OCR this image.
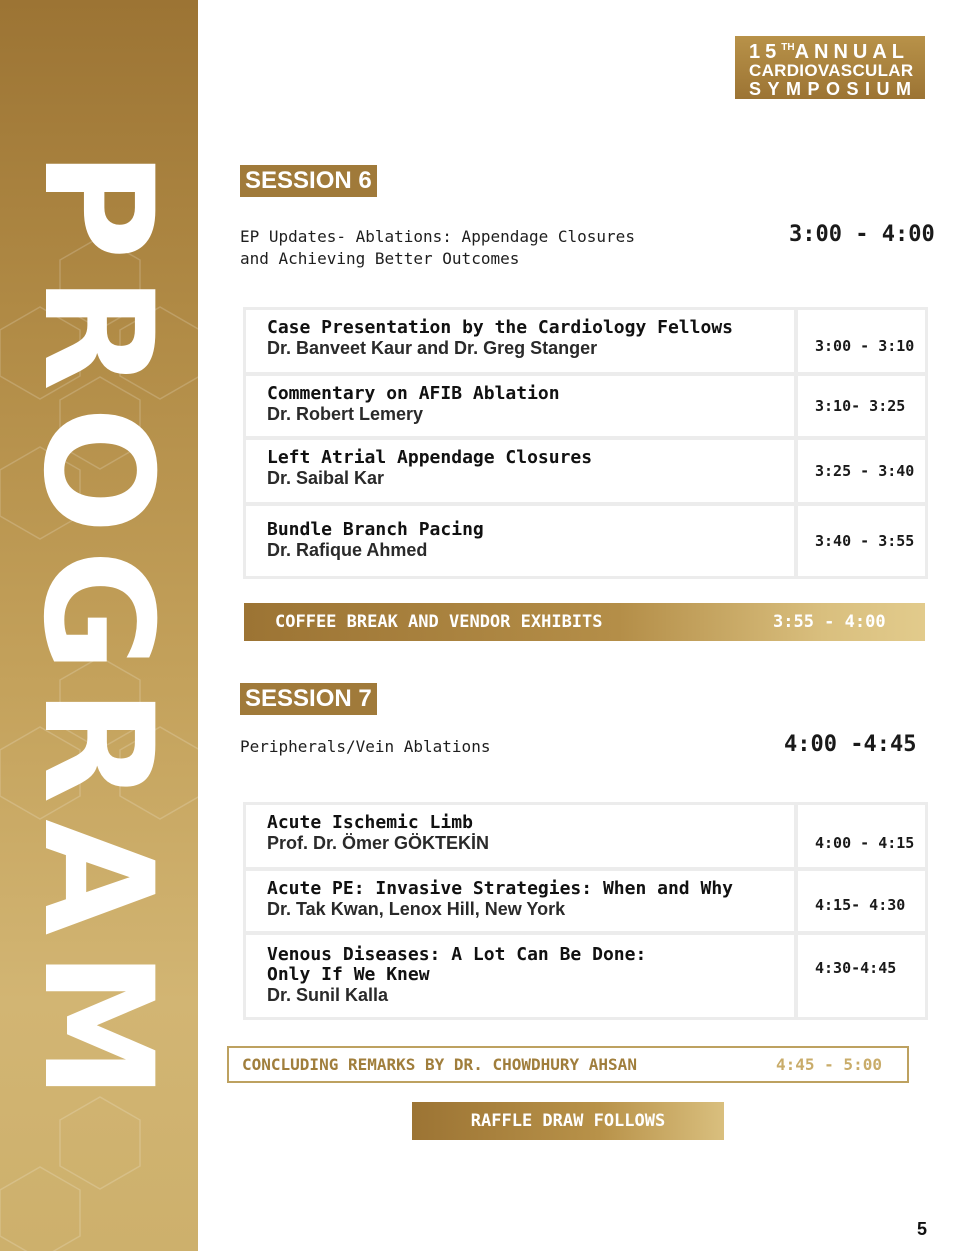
P
R
O
G
R
A
M
15THANNUAL
CARDIOVASCULAR
SYMPOSIUM
SESSION 6
EP Updates- Ablations: Appendage Closures
and Achieving Better Outcomes
3:00 - 4:00
Case Presentation by the Cardiology Fellows
Dr. Banveet Kaur and Dr. Greg Stanger	3:00 - 3:10
Commentary on AFIB Ablation
Dr. Robert Lemery	3:10- 3:25
Left Atrial Appendage Closures
Dr. Saibal Kar	3:25 - 3:40
Bundle Branch Pacing
Dr. Rafique Ahmed	3:40 - 3:55
COFFEE BREAK AND VENDOR EXHIBITS	3:55 - 4:00
SESSION 7
Peripherals/Vein Ablations	4:00 -4:45
Acute Ischemic Limb
Prof. Dr. Ömer GÖKTEKİN	4:00 - 4:15
Acute PE: Invasive Strategies: When and Why
Dr. Tak Kwan, Lenox Hill, New York	4:15- 4:30
Venous Diseases: A Lot Can Be Done:
Only If We Knew
Dr. Sunil Kalla
4:30-4:45
CONCLUDING REMARKS BY DR. CHOWDHURY AHSAN	4:45 - 5:00
RAFFLE DRAW FOLLOWS
5
